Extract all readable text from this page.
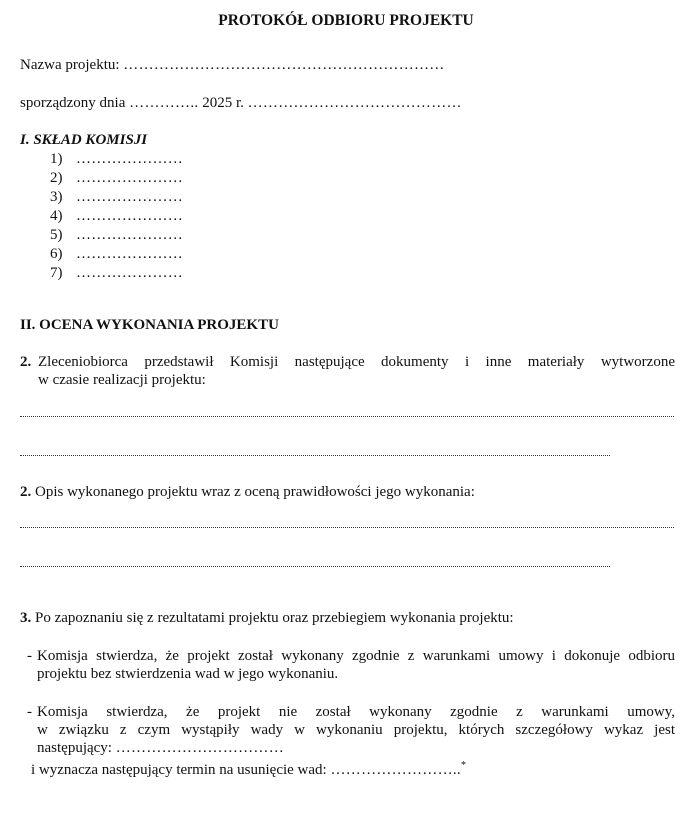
PROTOKÓŁ ODBIORU PROJEKTU
Nazwa projektu: ………………………………………………………
sporządzony dnia ………….. 2025 r. ……………………………………
I. SKŁAD KOMISJI
1) …………………
2) …………………
3) …………………
4) …………………
5) …………………
6) …………………
7) …………………
II. OCENA WYKONANIA PROJEKTU
2. Zleceniobiorca przedstawił Komisji następujące dokumenty i inne materiały wytworzone
w czasie realizacji projektu:
2. Opis wykonanego projektu wraz z oceną prawidłowości jego wykonania:
3. Po zapoznaniu się z rezultatami projektu oraz przebiegiem wykonania projektu:
- Komisja stwierdza, że projekt został wykonany zgodnie z warunkami umowy i dokonuje odbioru
projektu bez stwierdzenia wad w jego wykonaniu.
- Komisja stwierdza, że projekt nie został wykonany zgodnie z warunkami umowy,
w związku z czym wystąpiły wady w wykonaniu projektu, których szczegółowy wykaz jest
następujący: ……………………………
i wyznacza następujący termin na usunięcie wad: ……………………..*
